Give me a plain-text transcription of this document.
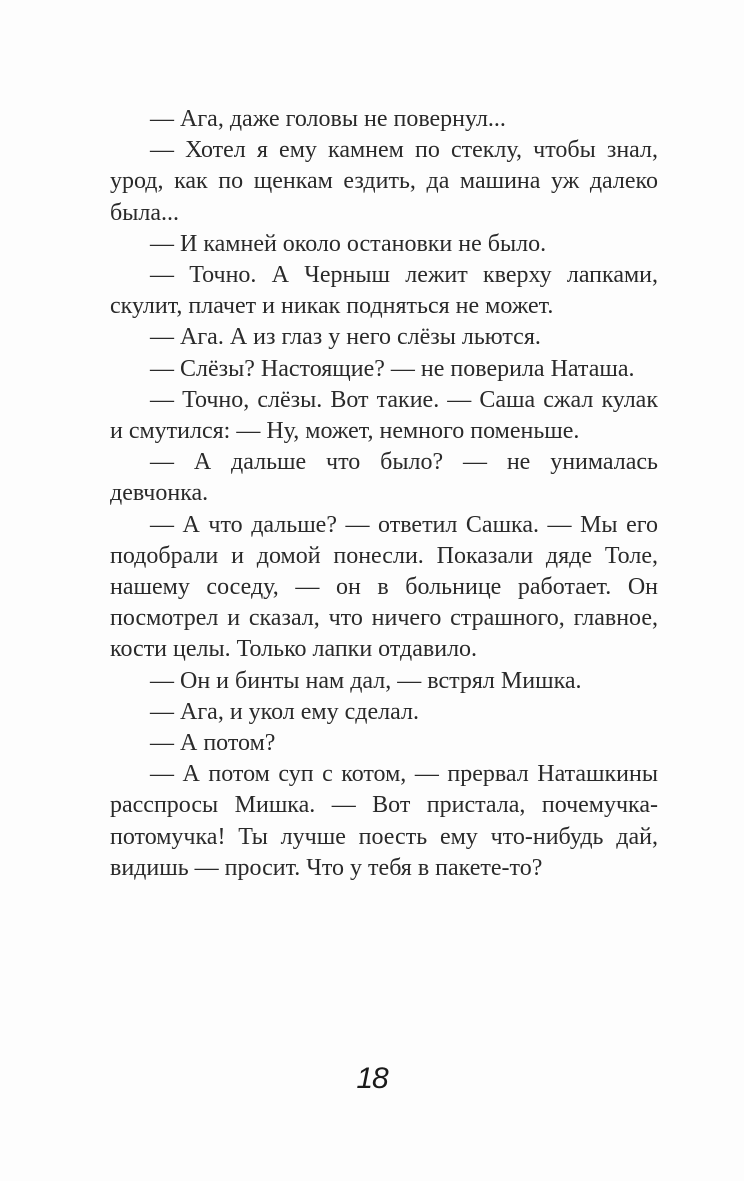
— Ага, даже головы не повернул...

— Хотел я ему камнем по стеклу, чтобы знал, урод, как по щенкам ездить, да машина уж далеко была...

— И камней около остановки не было.

— Точно. А Черныш лежит кверху лапками, скулит, плачет и никак подняться не может.

— Ага. А из глаз у него слёзы льются.

— Слёзы? Настоящие? — не поверила Наташа.

— Точно, слёзы. Вот такие. — Саша сжал кулак и смутился: — Ну, может, немного поменьше.

— А дальше что было? — не унималась девчонка.

— А что дальше? — ответил Сашка. — Мы его подобрали и домой понесли. Показали дяде Толе, нашему соседу, — он в больнице работает. Он посмотрел и сказал, что ничего страшного, главное, кости целы. Только лапки отдавило.

— Он и бинты нам дал, — встрял Мишка.

— Ага, и укол ему сделал.

— А потом?

— А потом суп с котом, — прервал Наташкины расспросы Мишка. — Вот пристала, почемучка-потомучка! Ты лучше поесть ему что-нибудь дай, видишь — просит. Что у тебя в пакете-то?

18
